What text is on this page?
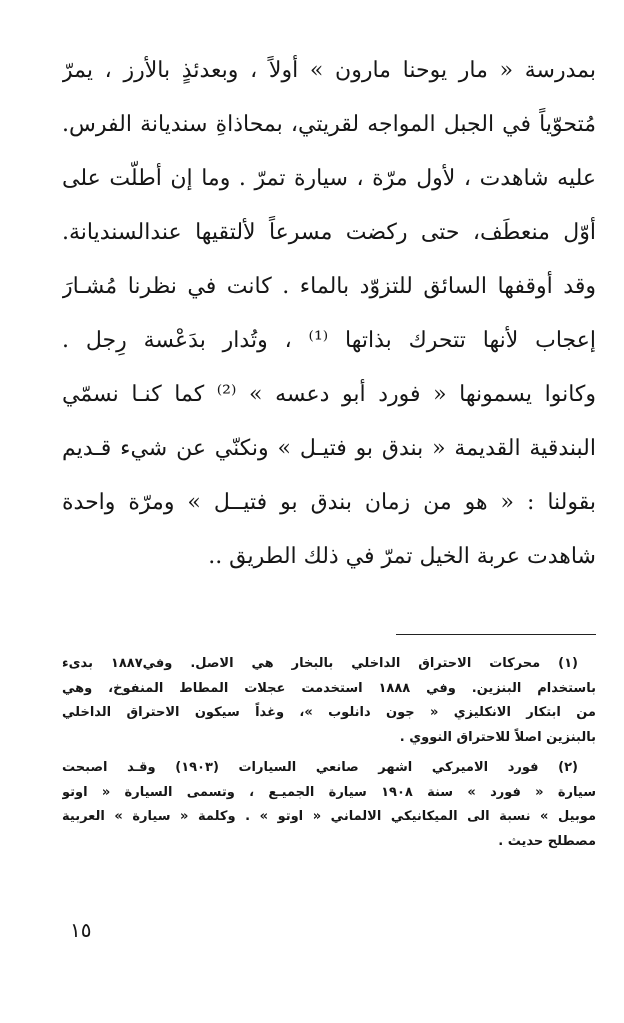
بمدرسة « مار يوحنا مارون » أولاً ، وبعدئذٍ بالأرز ، يمرّ
مُتحوّياً في الجبل المواجه لقريتي، بمحاذاةِ سنديانة الفرس.
عليه شاهدت ، لأول مرّة ، سيارة تمرّ . وما إن أطلّت على
أوّل منعطَف، حتى ركضت مسرعاً لألتقيها عندالسنديانة.
وقد أوقفها السائق للتزوّد بالماء . كانت في نظرنا مُشـارَ
إعجاب لأنها تتحرك بذاتها ⁽¹⁾ ، وتُدار بدَعْسة رِجل .
وكانوا يسمونها « فورد أبو دعسه » ⁽²⁾ كما كنـا نسمّي
البندقية القديمة « بندق بو فتيـل » ونكنّي عن شيء قـديم
بقولنا : « هو من زمان بندق بو فتيــل » ومرّة واحدة
شاهدت عربة الخيل تمرّ في ذلك الطريق ..
(١) محركات الاحتراق الداخلي بالبخار هي الاصل. وفي١٨٨٧ بدىء
باستخدام البنزين. وفي ١٨٨٨ استخدمت عجلات المطاط المنفوخ، وهي
من ابتكار الانكليزي « جون دانلوب »، وغداً سيكون الاحتراق الداخلي
بالبنزين اصلاً للاحتراق النووي .
(٢) فورد الاميركي اشهر صانعي السيارات (١٩٠٣) وقـد اصبحت
سيارة « فورد » سنة ١٩٠٨ سيارة الجميـع ، وتسمى السيارة « اوتو
موبيل » نسبة الى الميكانيكي الالماني « اوتو » . وكلمة « سيارة » العربية
مصطلح حديث .
١٥
